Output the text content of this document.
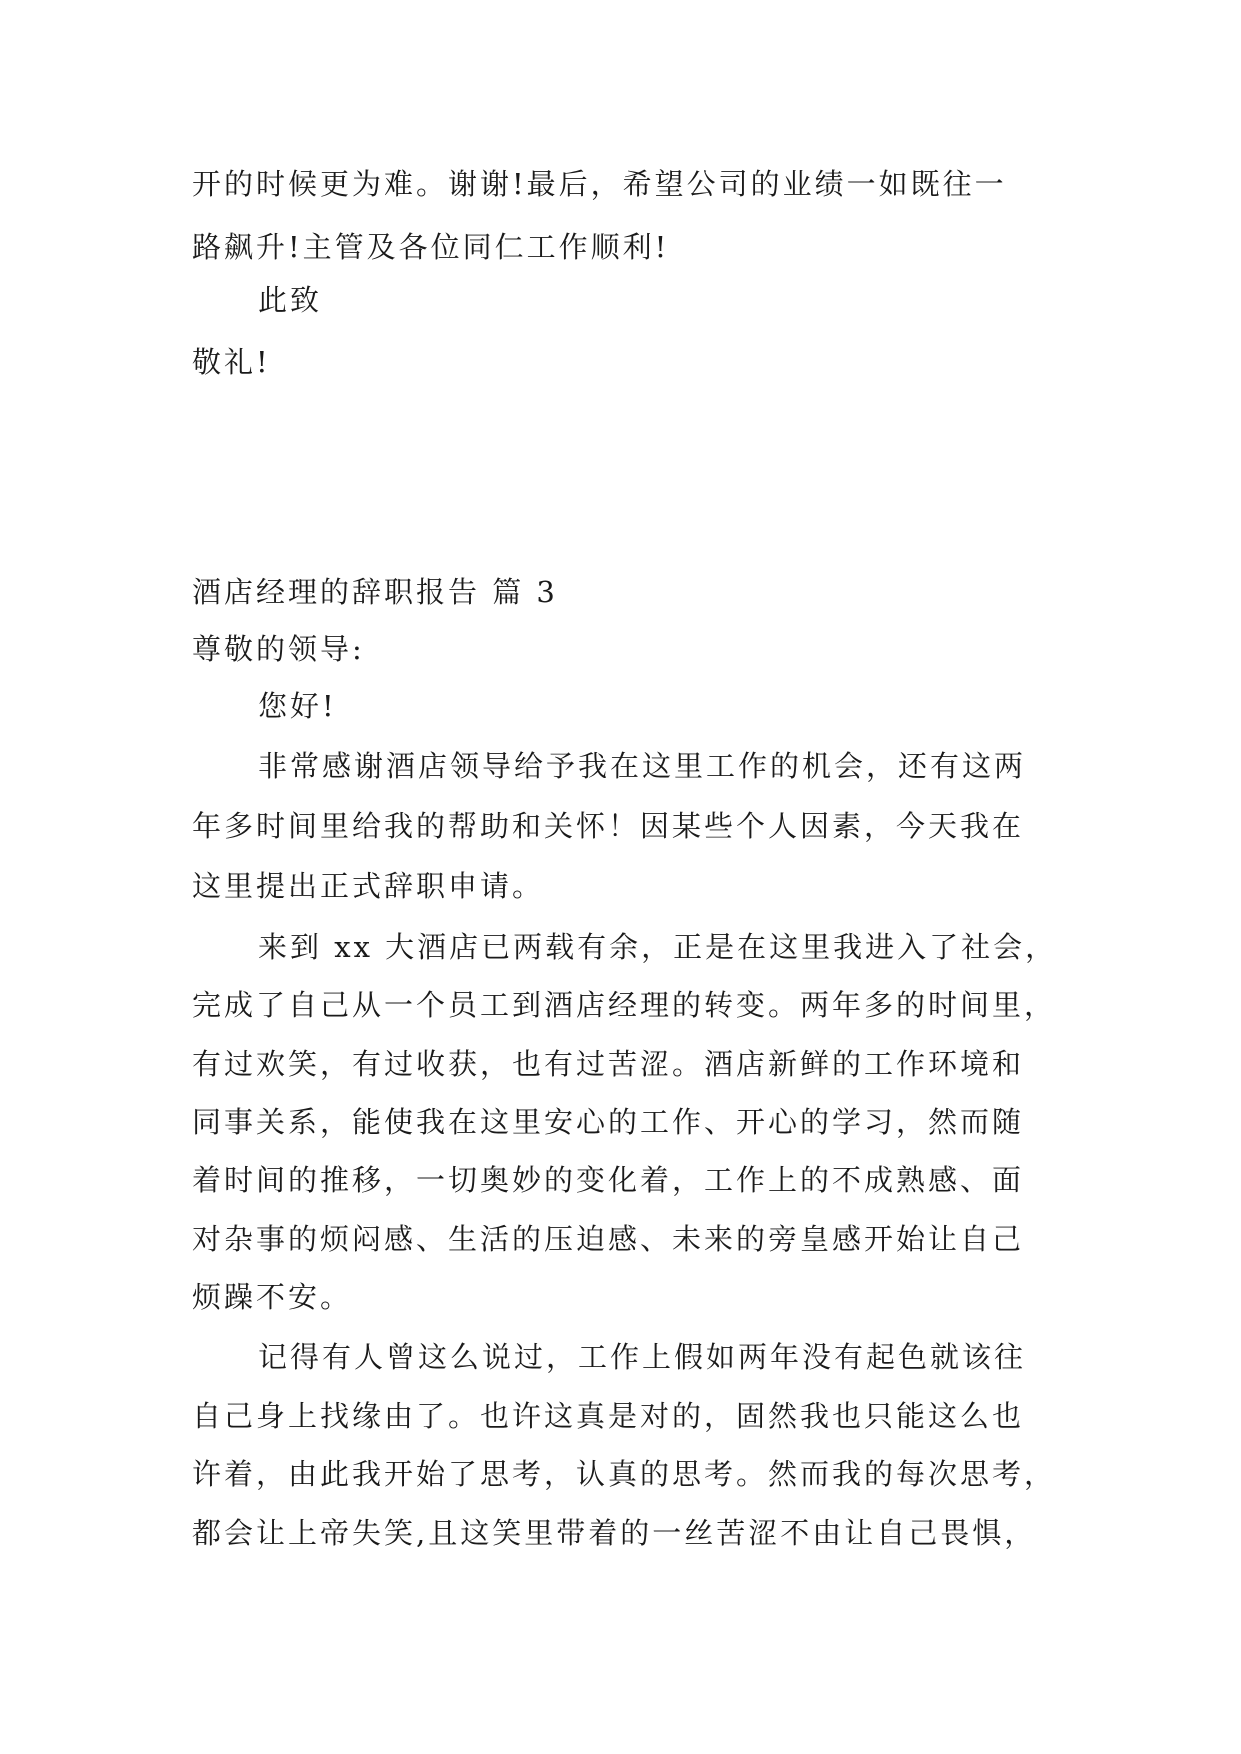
开的时候更为难。谢谢!最后，希望公司的业绩一如既往一
路飙升!主管及各位同仁工作顺利!
此致
敬礼!
酒店经理的辞职报告 篇 3
尊敬的领导:
您好!
非常感谢酒店领导给予我在这里工作的机会，还有这两
年多时间里给我的帮助和关怀！因某些个人因素，今天我在
这里提出正式辞职申请。
来到 xx 大酒店已两载有余，正是在这里我进入了社会，
完成了自己从一个员工到酒店经理的转变。两年多的时间里，
有过欢笑，有过收获，也有过苦涩。酒店新鲜的工作环境和
同事关系，能使我在这里安心的工作、开心的学习，然而随
着时间的推移，一切奥妙的变化着，工作上的不成熟感、面
对杂事的烦闷感、生活的压迫感、未来的旁皇感开始让自己
烦躁不安。
记得有人曾这么说过，工作上假如两年没有起色就该往
自己身上找缘由了。也许这真是对的，固然我也只能这么也
许着，由此我开始了思考，认真的思考。然而我的每次思考，
都会让上帝失笑,且这笑里带着的一丝苦涩不由让自己畏惧，
